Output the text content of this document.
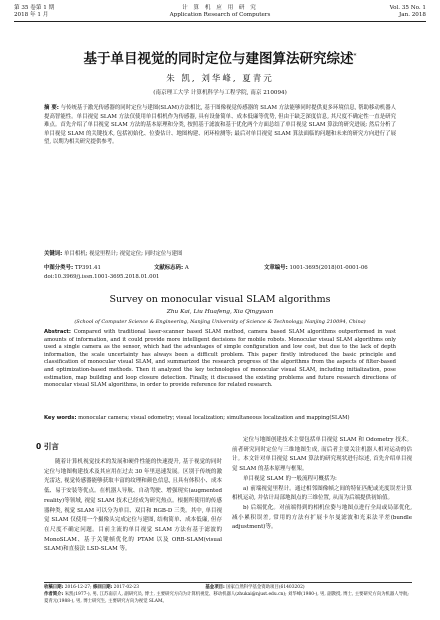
第 35 卷第 1 期
2018 年 1 月
计 算 机 应 用 研 究
Application Research of Computers
Vol. 35 No. 1
Jan. 2018
基于单目视觉的同时定位与建图算法研究综述*
朱 凯, 刘华峰, 夏青元
(南京理工大学 计算机科学与工程学院, 南京 210094)
摘 要: 与传统基于激光传感器的同时定位与建图(SLAM)方法相比, 基于图像视觉传感器的 SLAM 方法能够同时提供更多环境信息, 帮助移动机器人提高智能性。单目视觉 SLAM 方法仅使用单目相机作为传感器, 具有设备简单、成本低廉等优势, 但由于缺乏深度信息, 其尺度不确定性一直是研究难点。首先介绍了单目视觉 SLAM 方法的基本原理和分类, 按照基于滤波和基于优化两个方面总结了单目视觉 SLAM 算法的研究进展; 然后分析了单目视觉 SLAM 的关键技术, 包括初始化、位姿估计、地图构建、闭环检测等; 最后对单目视觉 SLAM 算法面临的问题和未来的研究方向进行了展望, 以期为相关研究提供参考。
关键词: 单目相机; 视觉里程计; 视觉定位; 同时定位与建图
中图分类号: TP391.41	文献标志码: A	文章编号: 1001-3695(2018)01-0001-06
doi:10.3969/j.issn.1001-3695.2018.01.001
Survey on monocular visual SLAM algorithms
Zhu Kai, Liu Huafeng, Xia Qingyuan
(School of Computer Science & Engineering, Nanjing University of Science & Technology, Nanjing 210094, China)
Abstract: Compared with traditional laser-scanner based SLAM method, camera based SLAM algorithms outperformed in vast amounts of information, and it could provide more intelligent decisions for mobile robots. Monocular visual SLAM algorithms only used a single camera as the sensor, which had the advantages of simple configuration and low cost, but due to the lack of depth information, the scale uncertainty has always been a difficult problem. This paper firstly introduced the basic principle and classification of monocular visual SLAM, and summarized the research progress of the algorithms from the aspects of filter-based and optimization-based methods. Then it analyzed the key technologies of monocular visual SLAM, including initialization, pose estimation, map building and loop closure detection. Finally, it discussed the existing problems and future research directions of monocular visual SLAM algorithms, in order to provide reference for related research.
Key words: monocular camera; visual odometry; visual localization; simultaneous localization and mapping(SLAM)
0 引言
随着计算机视觉技术的发展和硬件性能的快速提升, 基于视觉的同时定位与地图构建技术及其应用在过去 30 年里迅速发展。区别于传统的激光雷达, 视觉传感器能够获取丰富的纹理和颜色信息, 且具有体积小、成本低、易于安装等优点。在机器人导航、自动驾驶、增强现实(augmented reality)等领域, 视觉 SLAM 技术已经成为研究热点。根据所使用的传感器种类, 视觉 SLAM 可以分为单目、双目和 RGB-D 三类。其中, 单目视觉 SLAM 仅使用一个摄像头完成定位与建图, 结构简单、成本低廉, 但存在尺度不确定问题。目前主流的单目视觉 SLAM 方法有基于滤波的 MonoSLAM、基于关键帧优化的 PTAM 以及 ORB-SLAM(visual SLAM)和直接法 LSD-SLAM 等。

定位与地图创建技术主要包括单目视觉 SLAM 和 Odometry 技术。前者研究同时定位与三维地图生成, 而后者主要关注机器人相对运动的估计。本文针对单目视觉 SLAM 算法的研究现状进行综述, 首先介绍单目视觉 SLAM 的基本原理与框架。

单目视觉 SLAM 的一般流程可概括为:

a) 前端视觉里程计。通过相邻图像帧之间的特征匹配或光度误差计算相机运动, 并估计局部地图点的三维位置, 从而为后端提供初始值。

b) 后端优化。对前端得到的相机位姿与地图点进行全局或局部优化, 减小累积误差, 常用的方法有扩展卡尔曼滤波和光束法平差(bundle adjustment)等。

收稿日期: 2016-12-27; 修回日期: 2017-02-23	基金项目: 国家自然科学基金资助项目(61403202)
作者简介: 朱凯(1977-), 男, 江苏南京人, 副研究员, 博士, 主要研究方向为计算机视觉、移动机器人(zhukai@njust.edu.cn); 刘华峰(1980-), 男, 副教授, 博士, 主要研究方向为机器人导航; 夏青元(1988-), 男, 博士研究生, 主要研究方向为视觉 SLAM。
